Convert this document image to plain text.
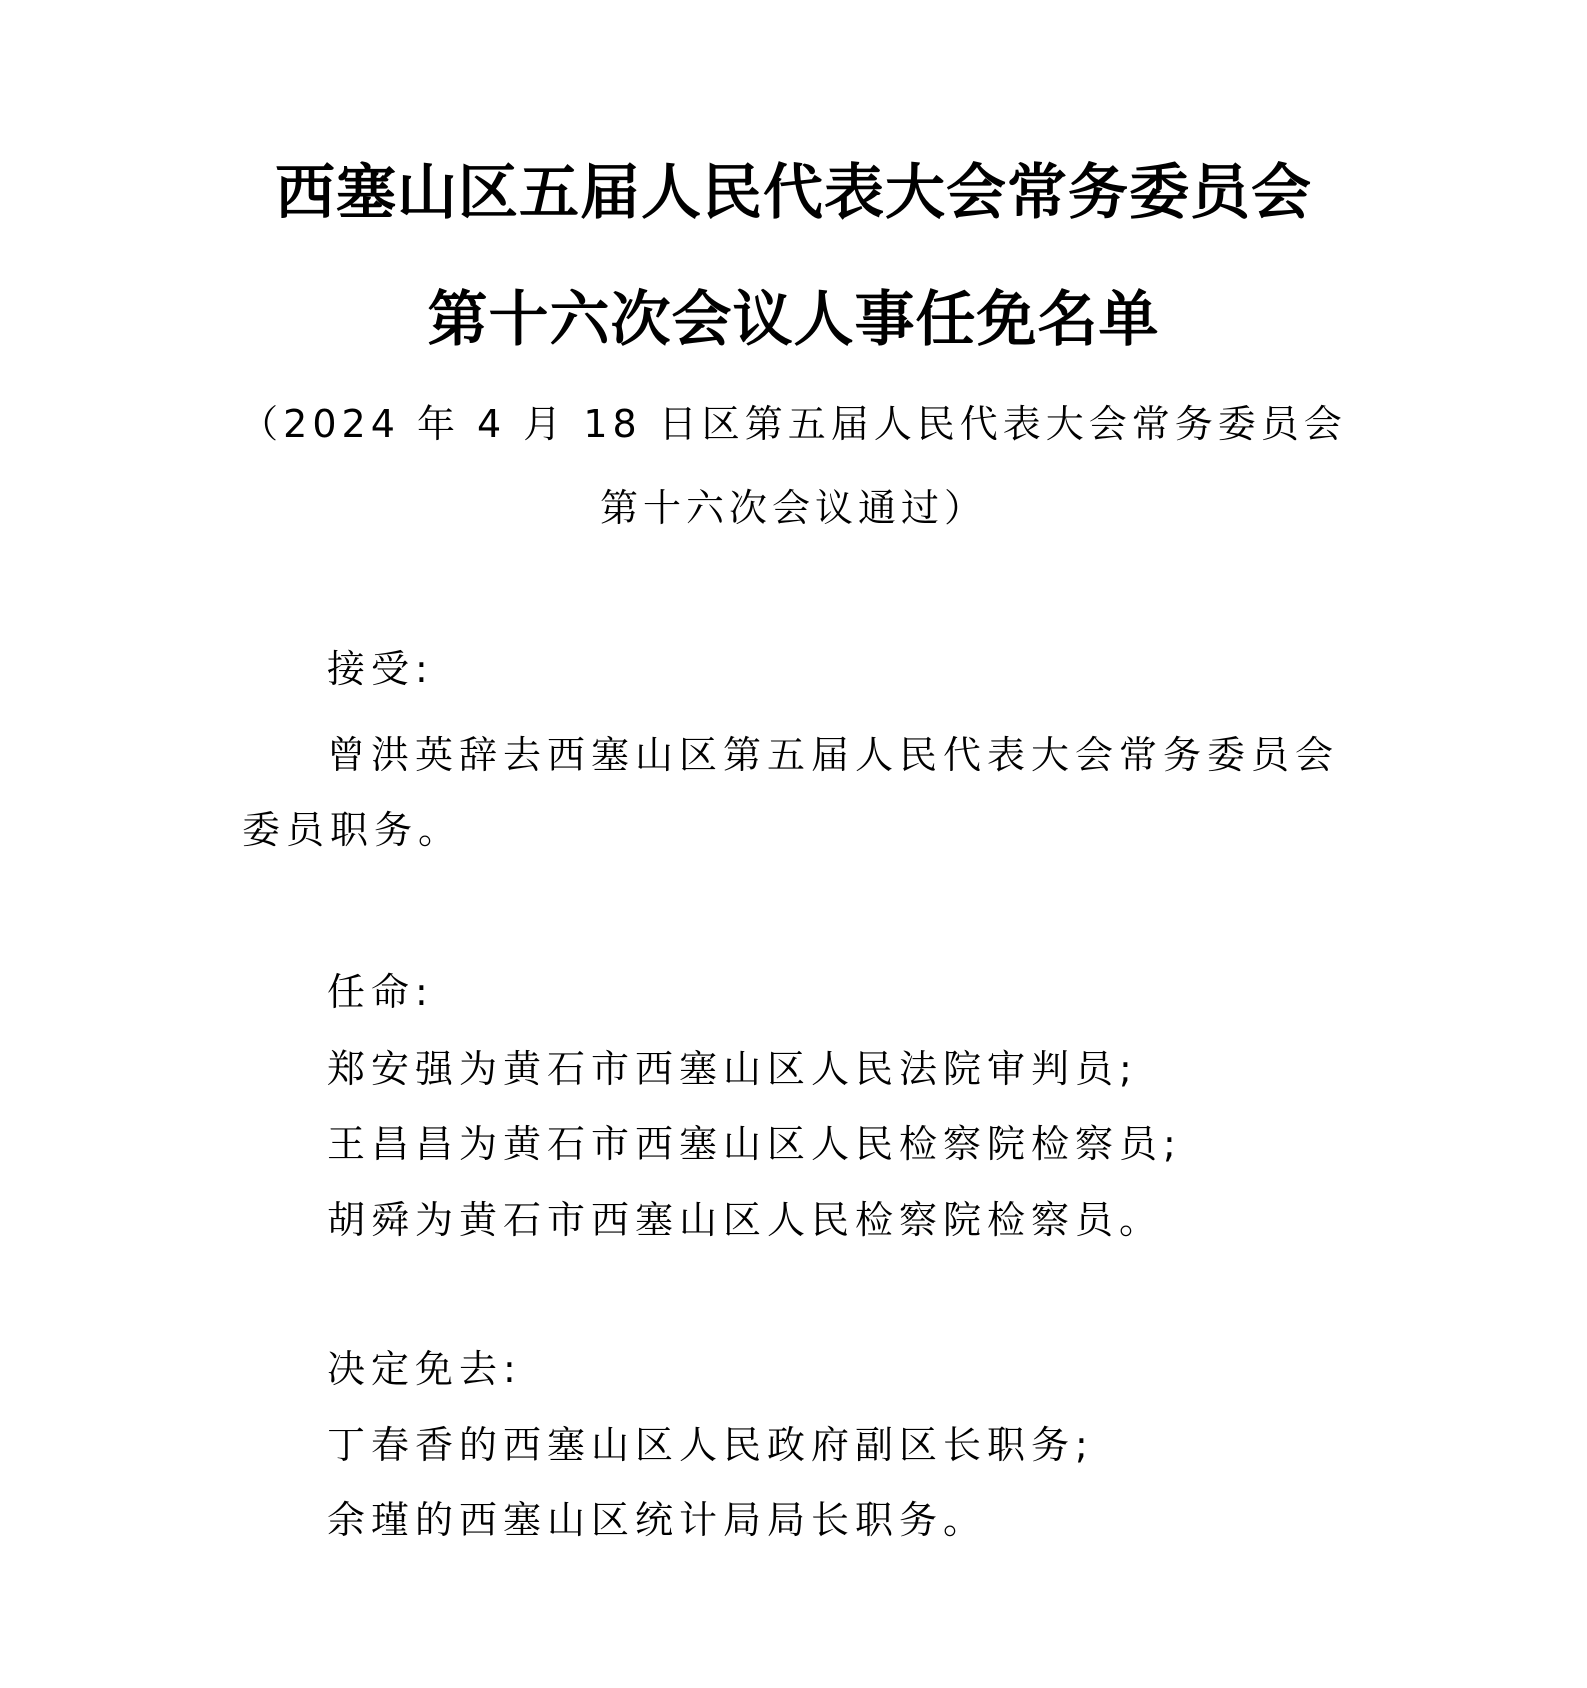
西塞山区五届人民代表大会常务委员会
第十六次会议人事任免名单
（2024 年 4 月 18 日区第五届人民代表大会常务委员会
第十六次会议通过）
接受:
曾洪英辞去西塞山区第五届人民代表大会常务委员会
委员职务。
任命:
郑安强为黄石市西塞山区人民法院审判员;
王昌昌为黄石市西塞山区人民检察院检察员;
胡舜为黄石市西塞山区人民检察院检察员。
决定免去:
丁春香的西塞山区人民政府副区长职务;
余瑾的西塞山区统计局局长职务。
